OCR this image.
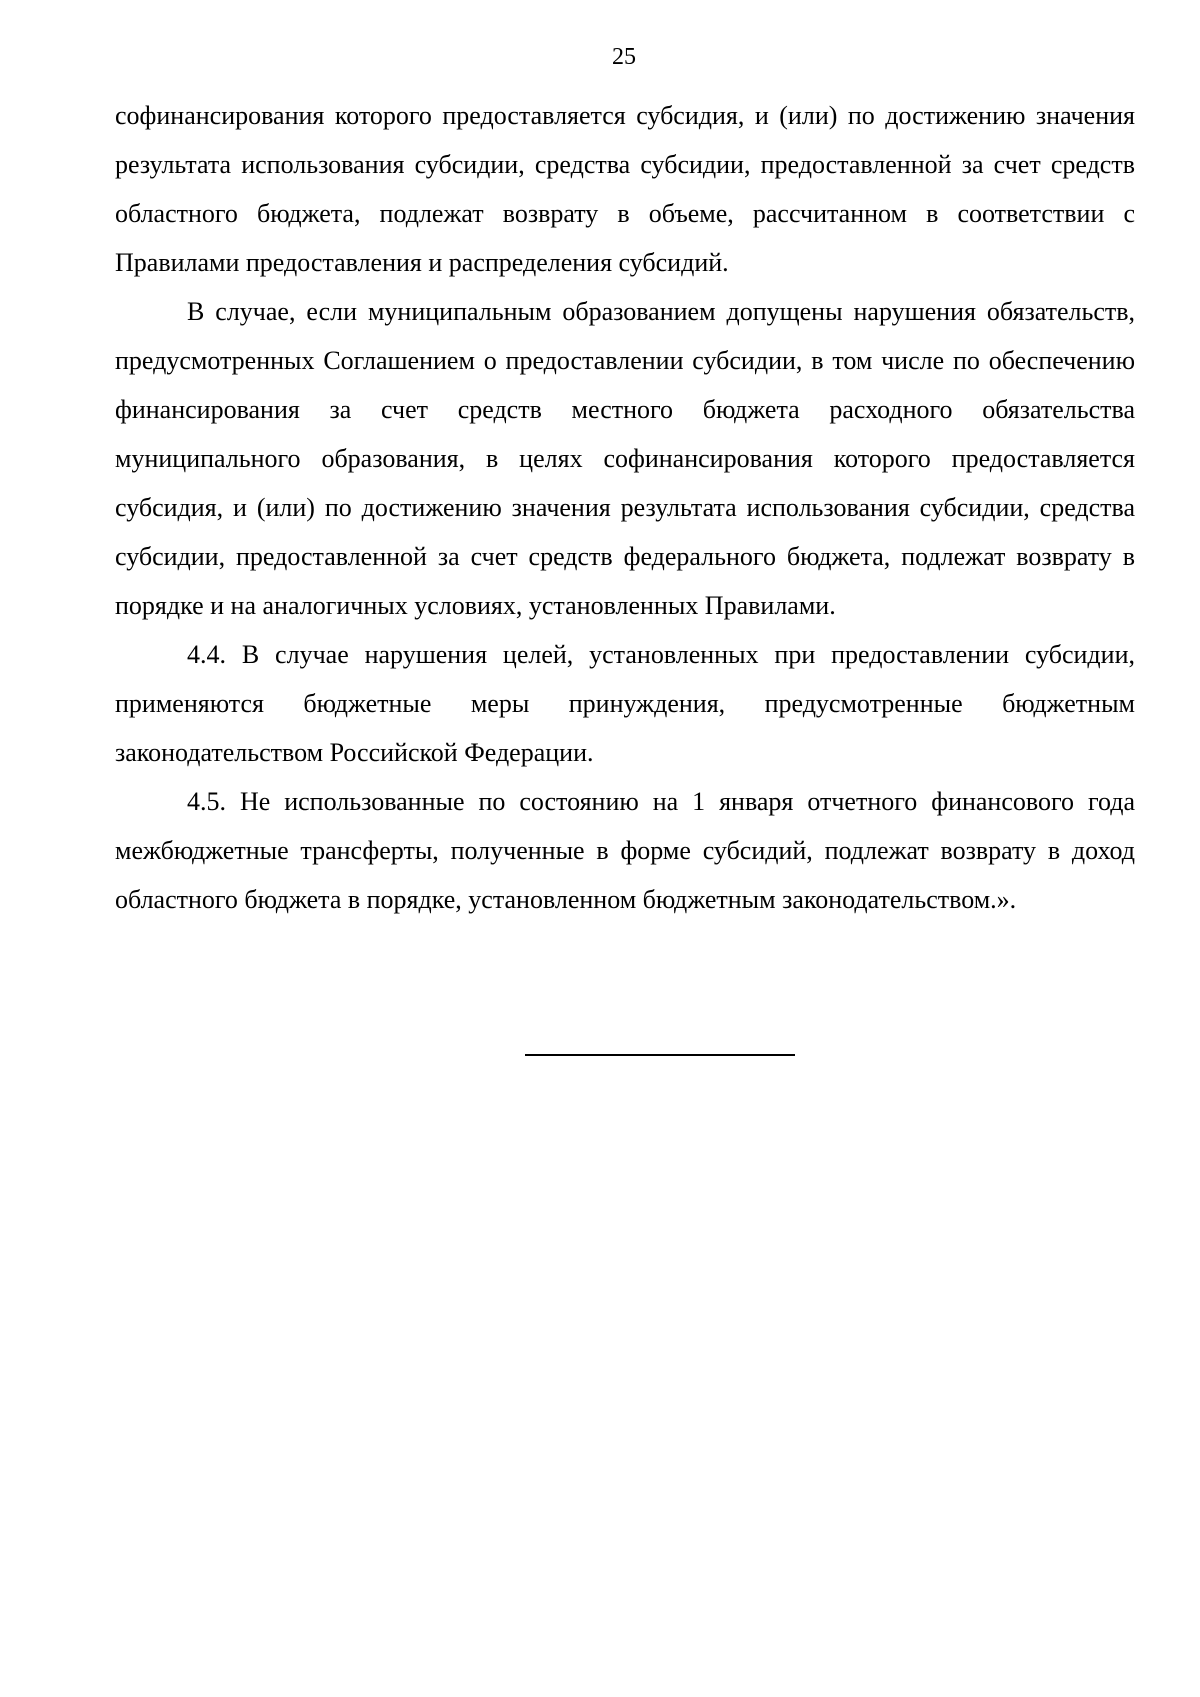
25

софинансирования которого предоставляется субсидия, и (или) по достижению значения результата использования субсидии, средства субсидии, предоставленной за счет средств областного бюджета, подлежат возврату в объеме, рассчитанном в соответствии с Правилами предоставления и распределения субсидий.

В случае, если муниципальным образованием допущены нарушения обязательств, предусмотренных Соглашением о предоставлении субсидии, в том числе по обеспечению финансирования за счет средств местного бюджета расходного обязательства муниципального образования, в целях софинансирования которого предоставляется субсидия, и (или) по достижению значения результата использования субсидии, средства субсидии, предоставленной за счет средств федерального бюджета, подлежат возврату в порядке и на аналогичных условиях, установленных Правилами.

4.4. В случае нарушения целей, установленных при предоставлении субсидии, применяются бюджетные меры принуждения, предусмотренные бюджетным законодательством Российской Федерации.

4.5. Не использованные по состоянию на 1 января отчетного финансового года межбюджетные трансферты, полученные в форме субсидий, подлежат возврату в доход областного бюджета в порядке, установленном бюджетным законодательством.».
